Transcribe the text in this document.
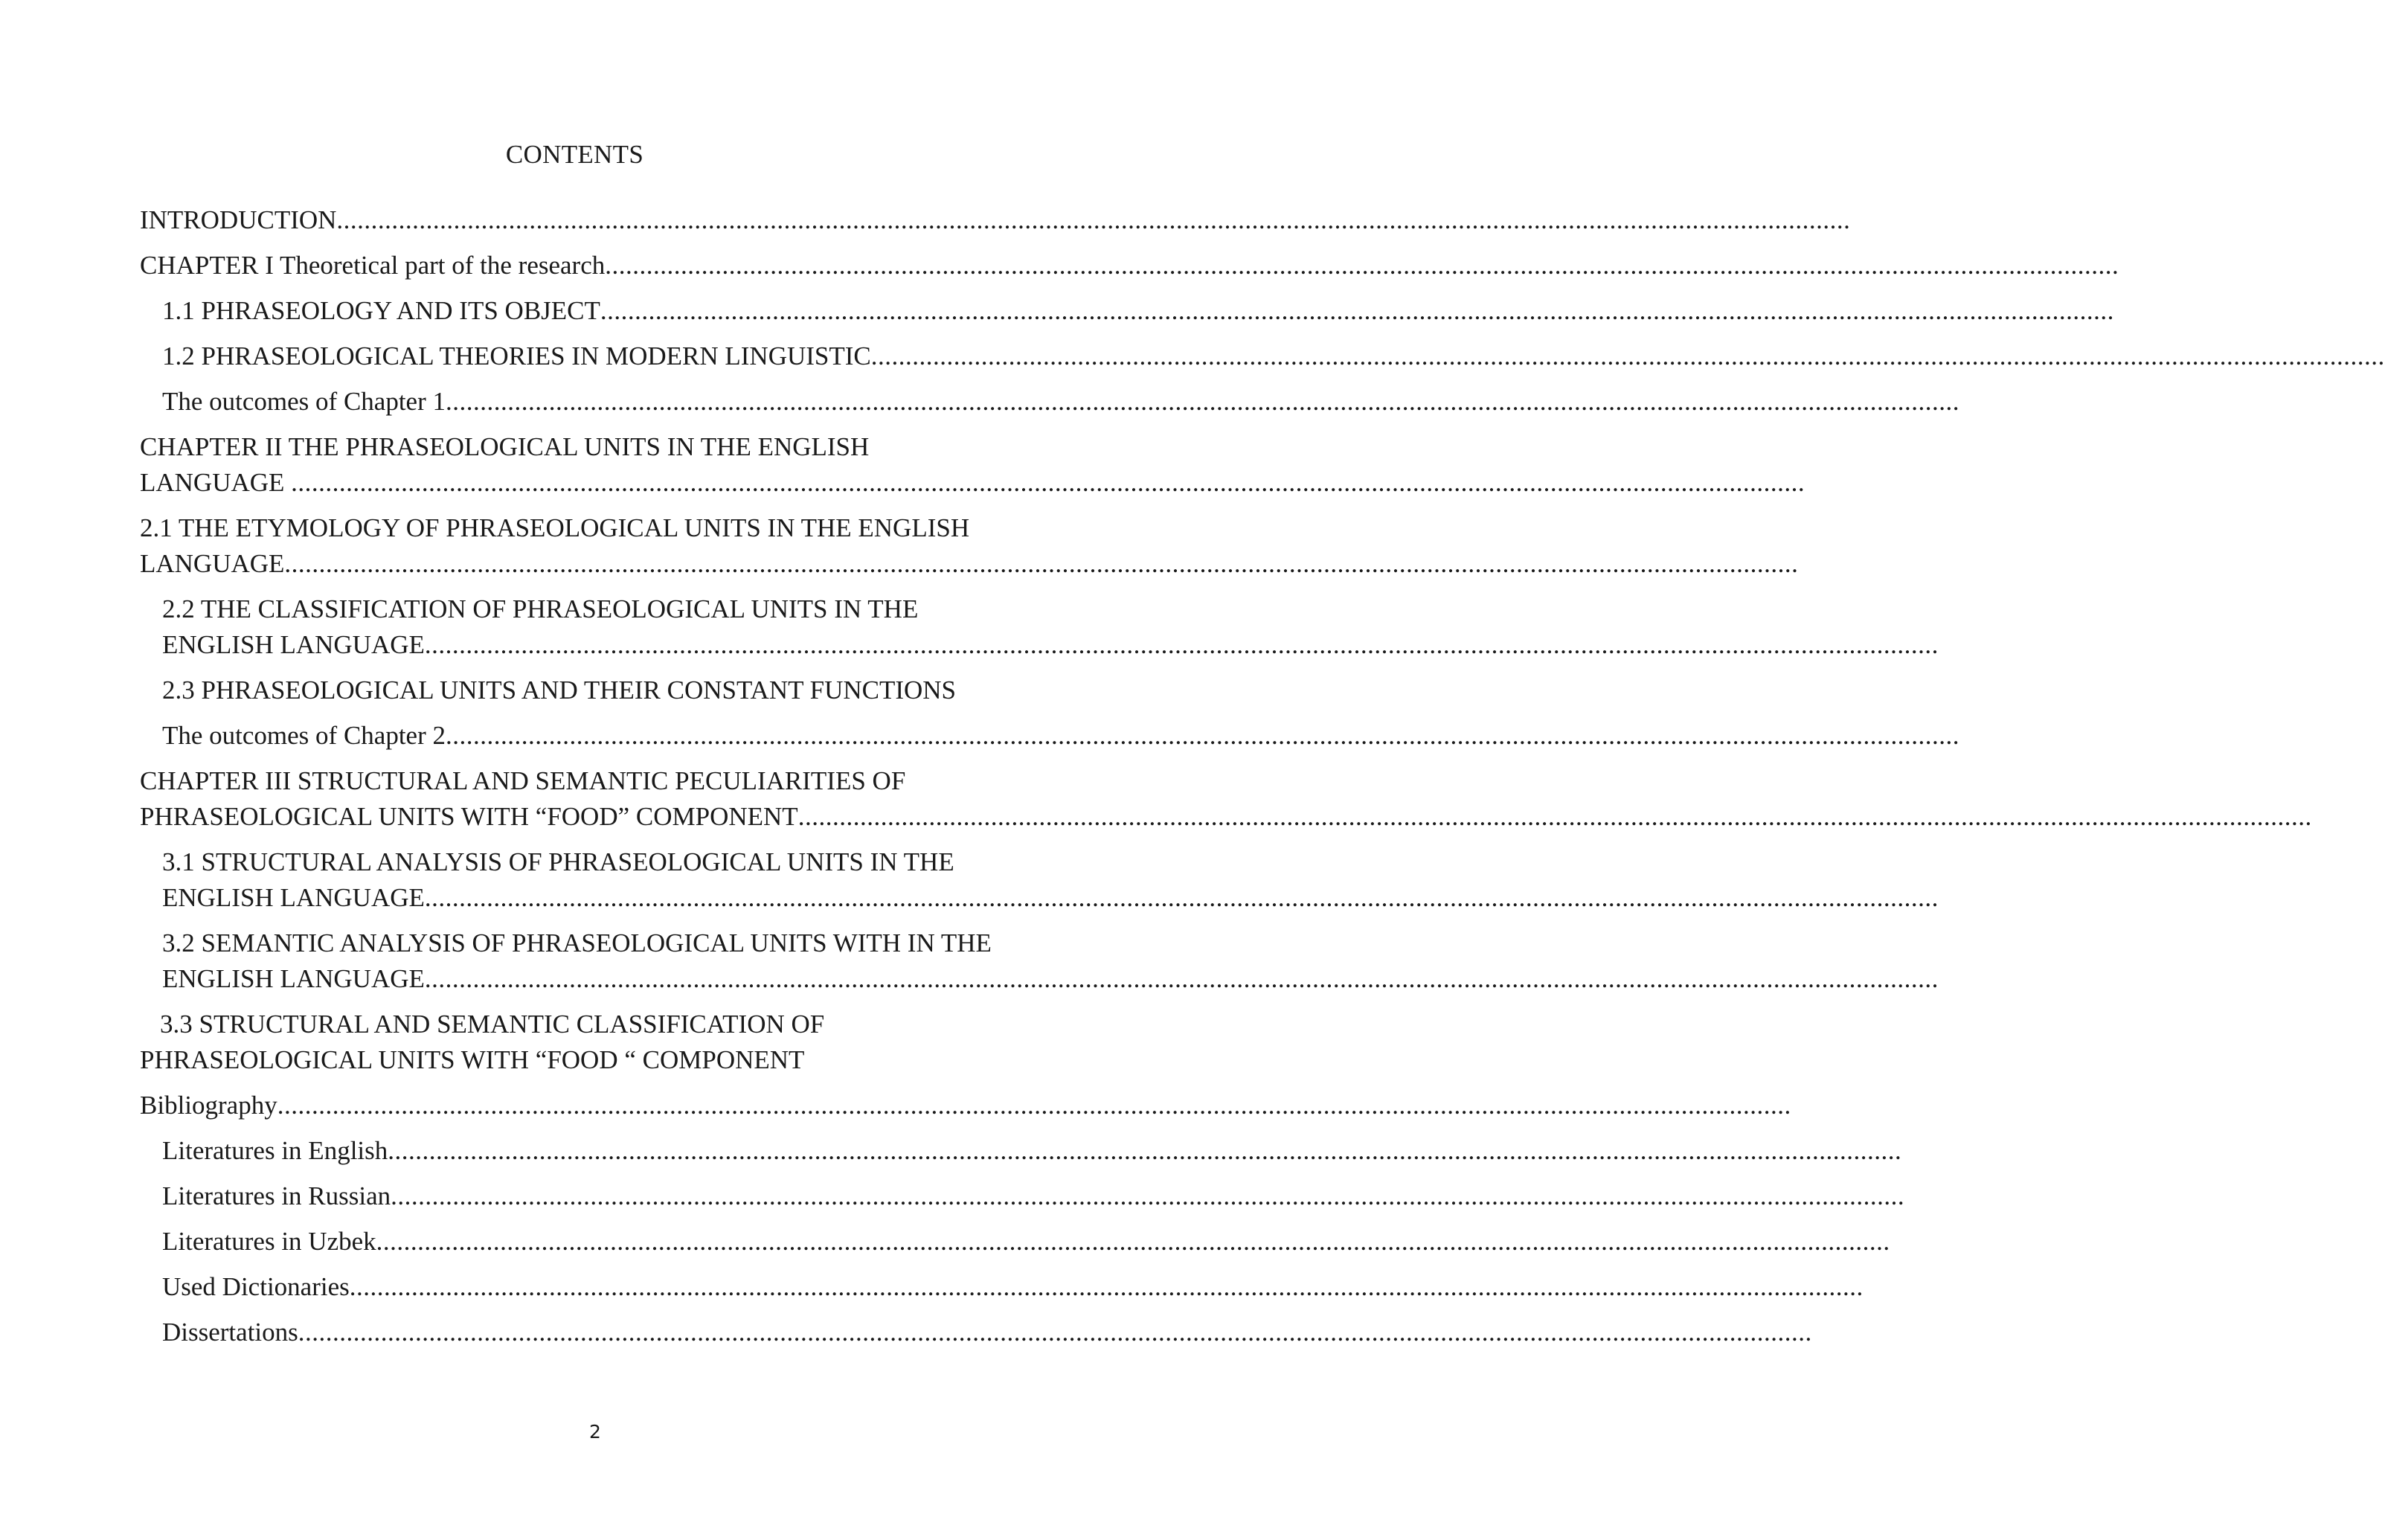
CONTENTS
INTRODUCTION............................................................................................................................................................................................................................
CHAPTER I Theoretical part of the research............................................................................................................................................................................................................................
1.1 PHRASEOLOGY AND ITS OBJECT............................................................................................................................................................................................................................
1.2 PHRASEOLOGICAL THEORIES IN MODERN LINGUISTIC............................................................................................................................................................................................................................
The outcomes of Chapter 1............................................................................................................................................................................................................................
CHAPTER II THE PHRASEOLOGICAL UNITS IN THE ENGLISH
LANGUAGE ............................................................................................................................................................................................................................
2.1 THE ETYMOLOGY OF PHRASEOLOGICAL UNITS IN THE ENGLISH
LANGUAGE............................................................................................................................................................................................................................
2.2 THE CLASSIFICATION OF PHRASEOLOGICAL UNITS IN THE
ENGLISH LANGUAGE............................................................................................................................................................................................................................
2.3 PHRASEOLOGICAL UNITS AND THEIR CONSTANT FUNCTIONS
The outcomes of Chapter 2............................................................................................................................................................................................................................
CHAPTER III STRUCTURAL AND SEMANTIC PECULIARITIES OF
PHRASEOLOGICAL UNITS WITH “FOOD” COMPONENT............................................................................................................................................................................................................................
3.1 STRUCTURAL ANALYSIS OF PHRASEOLOGICAL UNITS IN THE
ENGLISH LANGUAGE............................................................................................................................................................................................................................
3.2 SEMANTIC ANALYSIS OF PHRASEOLOGICAL UNITS WITH IN THE
ENGLISH LANGUAGE............................................................................................................................................................................................................................
3.3 STRUCTURAL AND SEMANTIC CLASSIFICATION OF
PHRASEOLOGICAL UNITS WITH “FOOD “ COMPONENT
Bibliography............................................................................................................................................................................................................................
Literatures in English............................................................................................................................................................................................................................
Literatures in Russian............................................................................................................................................................................................................................
Literatures in Uzbek............................................................................................................................................................................................................................
Used Dictionaries............................................................................................................................................................................................................................
Dissertations............................................................................................................................................................................................................................
2
